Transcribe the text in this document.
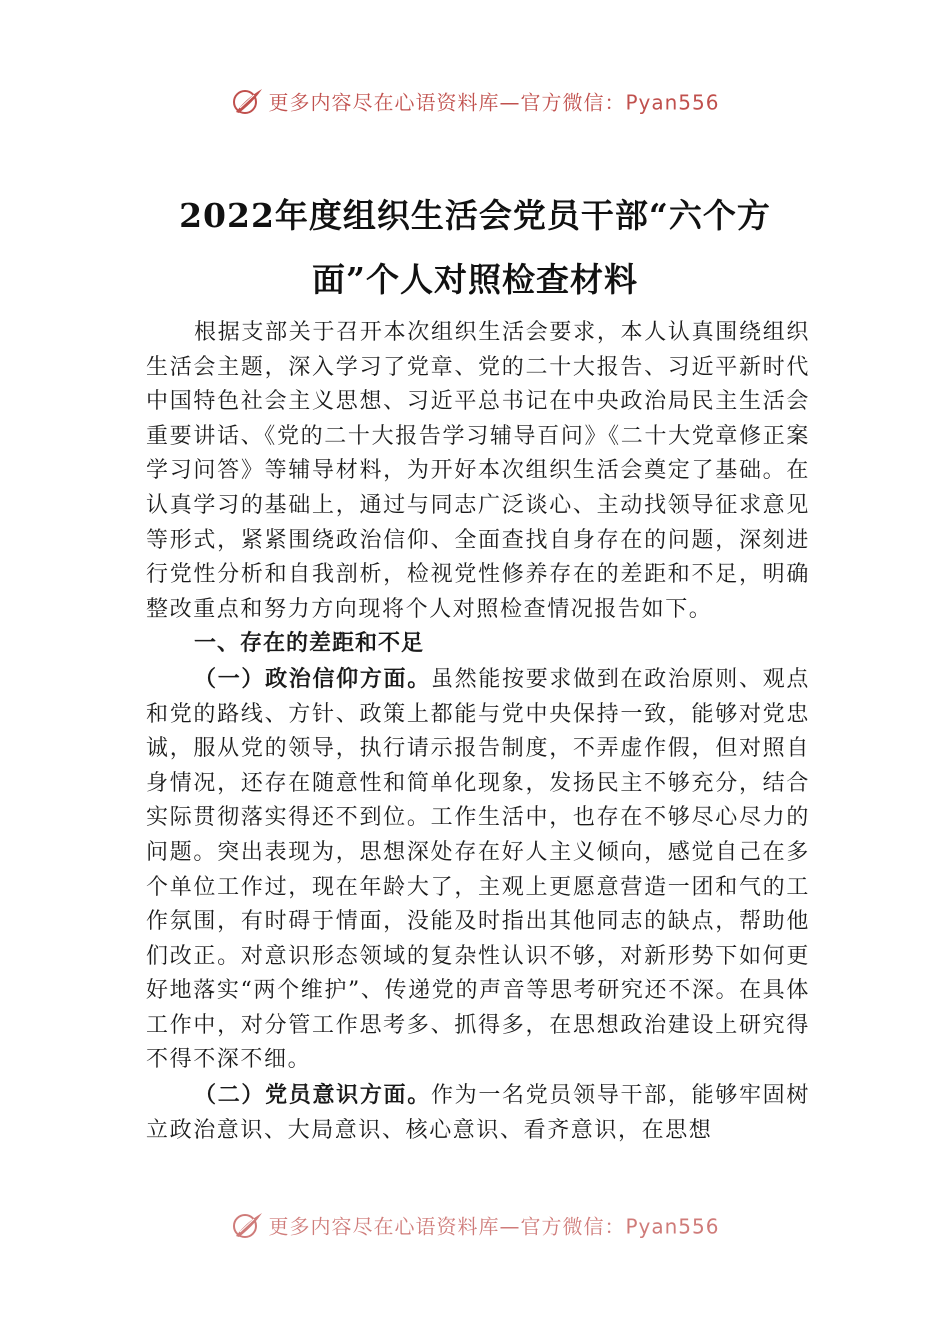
更多内容尽在心语资料库—官方微信：Pyan556
2022年度组织生活会党员干部“六个方
面”个人对照检查材料

根据支部关于召开本次组织生活会要求，本人认真围绕组织生活会主题，深入学习了党章、党的二十大报告、习近平新时代中国特色社会主义思想、习近平总书记在中央政治局民主生活会重要讲话、《党的二十大报告学习辅导百问》《二十大党章修正案学习问答》等辅导材料，为开好本次组织生活会奠定了基础。在认真学习的基础上，通过与同志广泛谈心、主动找领导征求意见等形式，紧紧围绕政治信仰、全面查找自身存在的问题，深刻进行党性分析和自我剖析，检视党性修养存在的差距和不足，明确整改重点和努力方向现将个人对照检查情况报告如下。

一、存在的差距和不足

（一）政治信仰方面。虽然能按要求做到在政治原则、观点和党的路线、方针、政策上都能与党中央保持一致，能够对党忠诚，服从党的领导，执行请示报告制度，不弄虚作假，但对照自身情况，还存在随意性和简单化现象，发扬民主不够充分，结合实际贯彻落实得还不到位。工作生活中，也存在不够尽心尽力的问题。突出表现为，思想深处存在好人主义倾向，感觉自己在多个单位工作过，现在年龄大了，主观上更愿意营造一团和气的工作氛围，有时碍于情面，没能及时指出其他同志的缺点，帮助他们改正。对意识形态领域的复杂性认识不够，对新形势下如何更好地落实“两个维护”、传递党的声音等思考研究还不深。在具体工作中，对分管工作思考多、抓得多，在思想政治建设上研究得不得不深不细。

（二）党员意识方面。作为一名党员领导干部，能够牢固树立政治意识、大局意识、核心意识、看齐意识，在思想

更多内容尽在心语资料库—官方微信：Pyan556
